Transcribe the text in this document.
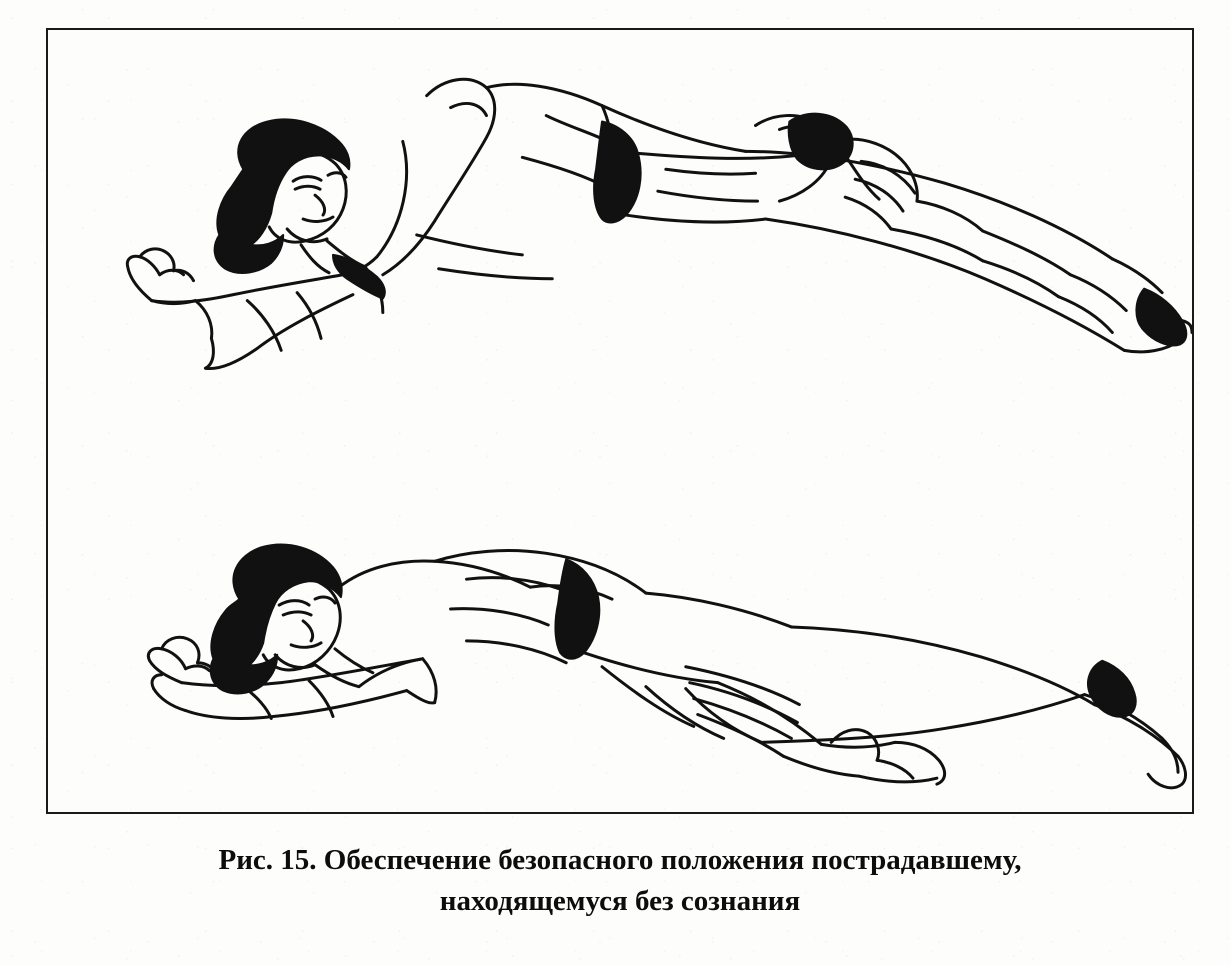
Рис. 15. Обеспечение безопасного положения пострадавшему,
находящемуся без сознания
